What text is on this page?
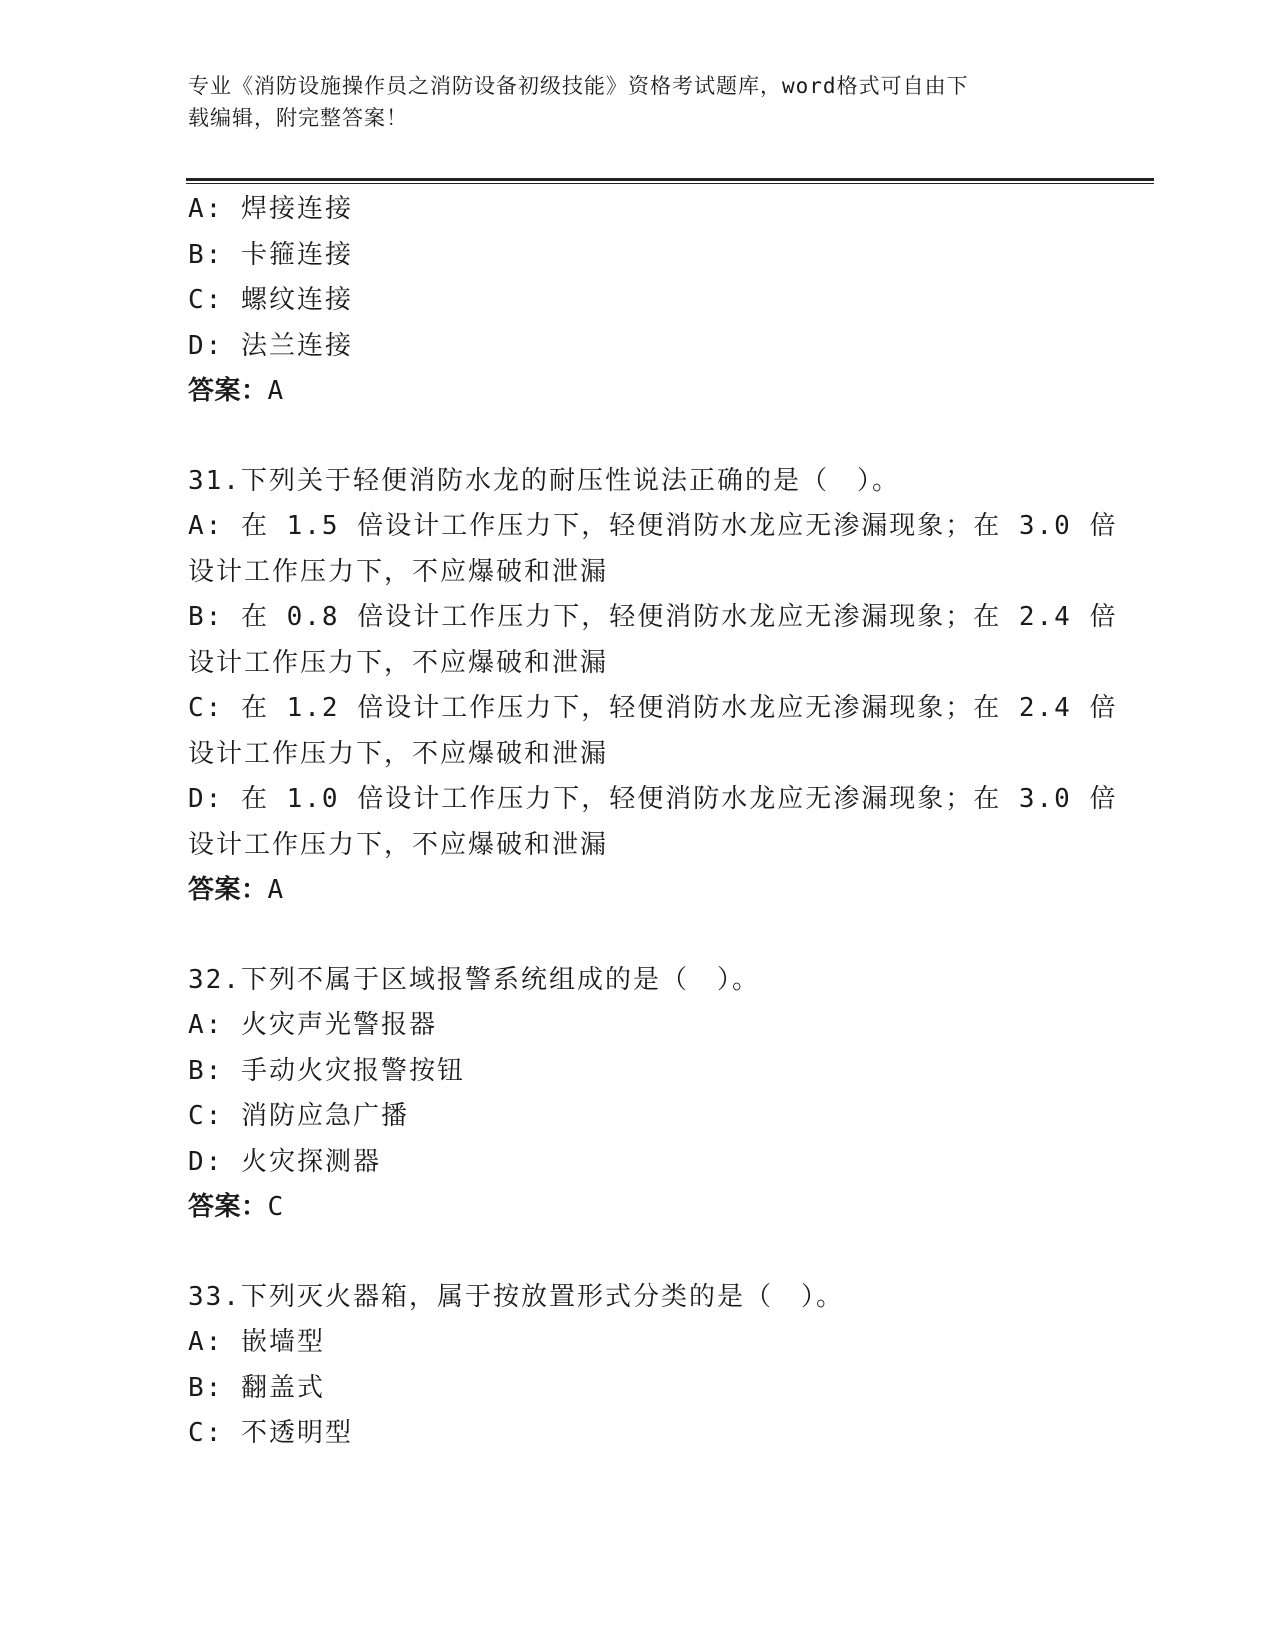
专业《消防设施操作员之消防设备初级技能》资格考试题库，word格式可自由下
载编辑，附完整答案！
A: 焊接连接
B: 卡箍连接
C: 螺纹连接
D: 法兰连接
答案：A
31.下列关于轻便消防水龙的耐压性说法正确的是（　）。
A: 在 1.5 倍设计工作压力下，轻便消防水龙应无渗漏现象；在 3.0 倍
设计工作压力下，不应爆破和泄漏
B: 在 0.8 倍设计工作压力下，轻便消防水龙应无渗漏现象；在 2.4 倍
设计工作压力下，不应爆破和泄漏
C: 在 1.2 倍设计工作压力下，轻便消防水龙应无渗漏现象；在 2.4 倍
设计工作压力下，不应爆破和泄漏
D: 在 1.0 倍设计工作压力下，轻便消防水龙应无渗漏现象；在 3.0 倍
设计工作压力下，不应爆破和泄漏
答案：A
32.下列不属于区域报警系统组成的是（　）。
A: 火灾声光警报器
B: 手动火灾报警按钮
C: 消防应急广播
D: 火灾探测器
答案：C
33.下列灭火器箱，属于按放置形式分类的是（　）。
A: 嵌墙型
B: 翻盖式
C: 不透明型
